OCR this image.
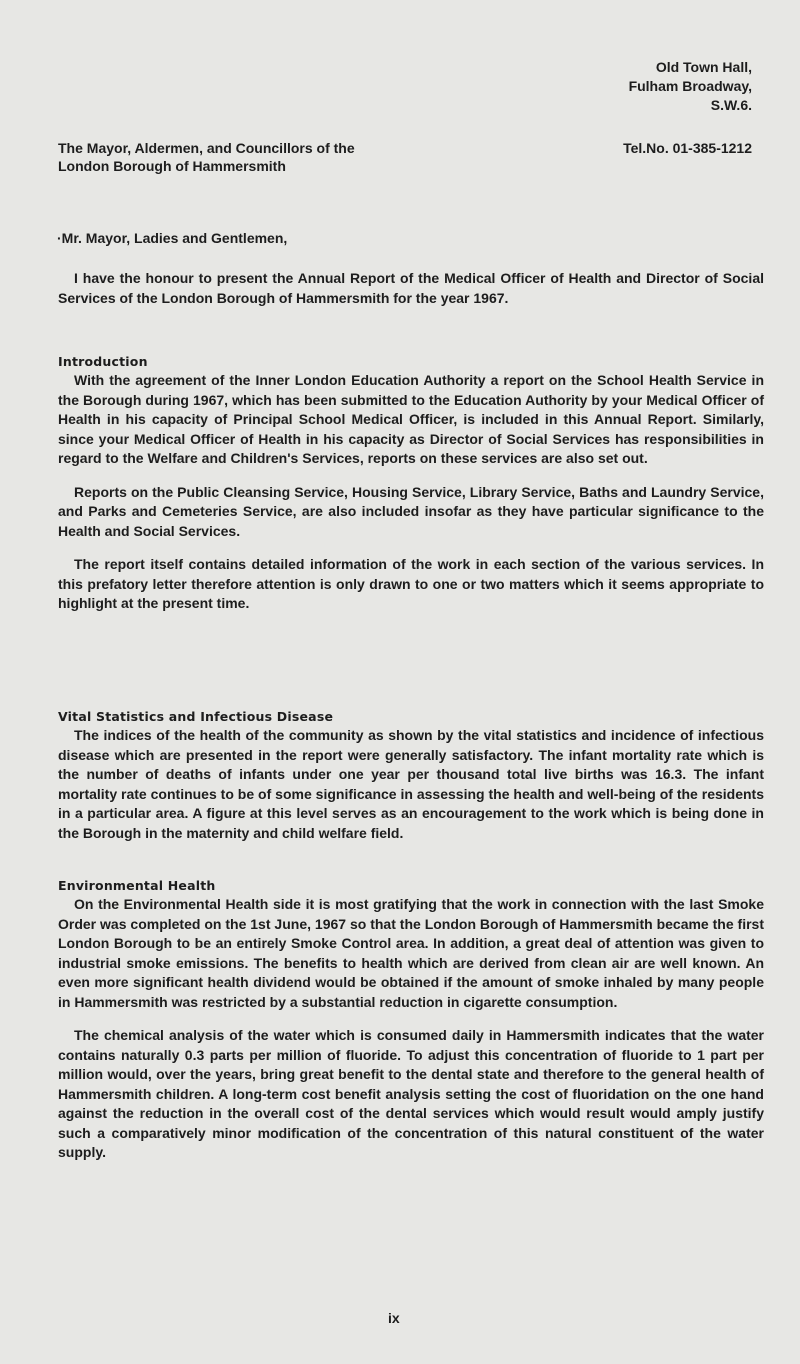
Old Town Hall,
Fulham Broadway,
S.W.6.
The Mayor, Aldermen, and Councillors of the
London Borough of Hammersmith
Tel.No. 01-385-1212
·Mr. Mayor, Ladies and Gentlemen,
I have the honour to present the Annual Report of the Medical Officer of Health and Director of Social Services of the London Borough of Hammersmith for the year 1967.
Introduction
With the agreement of the Inner London Education Authority a report on the School Health Service in the Borough during 1967, which has been submitted to the Education Authority by your Medical Officer of Health in his capacity of Principal School Medical Officer, is included in this Annual Report. Similarly, since your Medical Officer of Health in his capacity as Director of Social Services has responsibilities in regard to the Welfare and Children's Services, reports on these services are also set out.
Reports on the Public Cleansing Service, Housing Service, Library Service, Baths and Laundry Service, and Parks and Cemeteries Service, are also included insofar as they have particular significance to the Health and Social Services.
The report itself contains detailed information of the work in each section of the various services. In this prefatory letter therefore attention is only drawn to one or two matters which it seems appropriate to highlight at the present time.
Vital Statistics and Infectious Disease
The indices of the health of the community as shown by the vital statistics and incidence of infectious disease which are presented in the report were generally satisfactory. The infant mortality rate which is the number of deaths of infants under one year per thousand total live births was 16.3. The infant mortality rate continues to be of some significance in assessing the health and well-being of the residents in a particular area. A figure at this level serves as an encouragement to the work which is being done in the Borough in the maternity and child welfare field.
Environmental Health
On the Environmental Health side it is most gratifying that the work in connection with the last Smoke Order was completed on the 1st June, 1967 so that the London Borough of Hammersmith became the first London Borough to be an entirely Smoke Control area. In addition, a great deal of attention was given to industrial smoke emissions. The benefits to health which are derived from clean air are well known. An even more significant health dividend would be obtained if the amount of smoke inhaled by many people in Hammersmith was restricted by a substantial reduction in cigarette consumption.
The chemical analysis of the water which is consumed daily in Hammersmith indicates that the water contains naturally 0.3 parts per million of fluoride. To adjust this concentration of fluoride to 1 part per million would, over the years, bring great benefit to the dental state and therefore to the general health of Hammersmith children. A long-term cost benefit analysis setting the cost of fluoridation on the one hand against the reduction in the overall cost of the dental services which would result would amply justify such a comparatively minor modification of the concentration of this natural constituent of the water supply.
ix
